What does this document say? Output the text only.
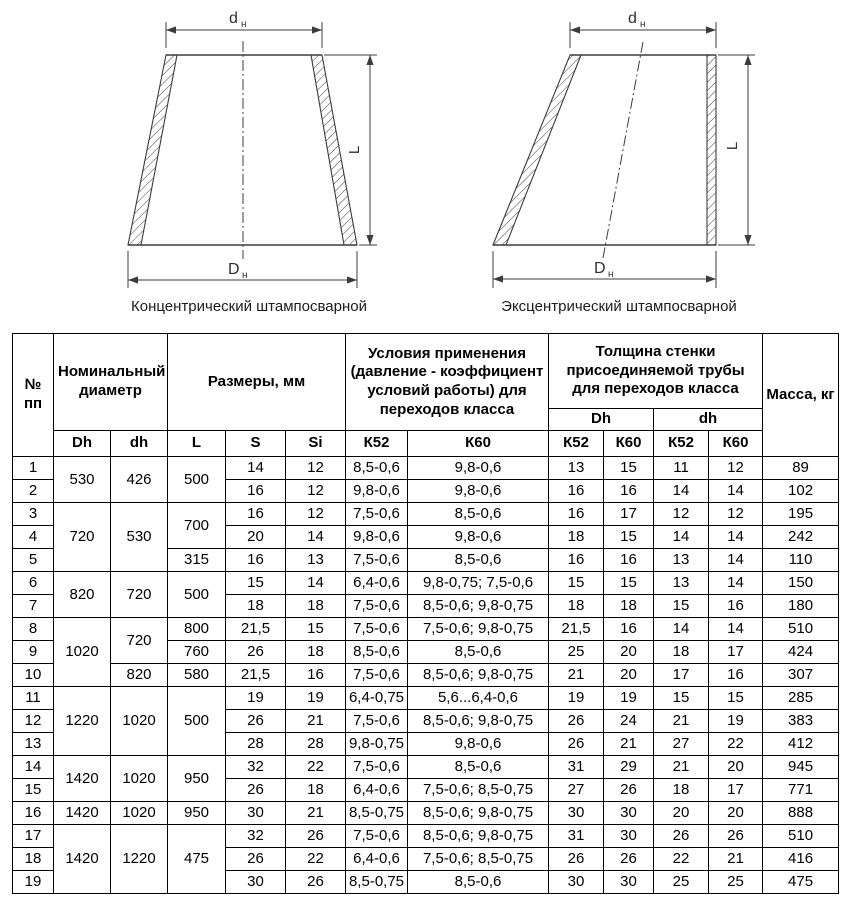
d н
D н
L
Концентрический штампосварной
d н
D н
L
Эксцентрический штампосварной
№
пп	Номинальный диаметр		Размеры, мм			Условия применения (давление - коэффициент условий работы) для переходов класса		Толщина стенки присоединяемой трубы для переходов класса				Масса, кг
								Dh		dh		
	Dh	dh	L	S	Si	К52	К60	К52	К60	К52	К60	
1	530	426	500	14	12	8,5-0,6	9,8-0,6	13	15	11	12	89
2				16	12	9,8-0,6	9,8-0,6	16	16	14	14	102
3	720	530	700	16	12	7,5-0,6	8,5-0,6	16	17	12	12	195
4				20	14	9,8-0,6	9,8-0,6	18	15	14	14	242
5			315	16	13	7,5-0,6	8,5-0,6	16	16	13	14	110
6	820	720	500	15	14	6,4-0,6	9,8-0,75; 7,5-0,6	15	15	13	14	150
7				18	18	7,5-0,6	8,5-0,6; 9,8-0,75	18	18	15	16	180
8	1020	720	800	21,5	15	7,5-0,6	7,5-0,6; 9,8-0,75	21,5	16	14	14	510
9			760	26	18	8,5-0,6	8,5-0,6	25	20	18	17	424
10		820	580	21,5	16	7,5-0,6	8,5-0,6; 9,8-0,75	21	20	17	16	307
11	1220	1020	500	19	19	6,4-0,75	5,6...6,4-0,6	19	19	15	15	285
12				26	21	7,5-0,6	8,5-0,6; 9,8-0,75	26	24	21	19	383
13				28	28	9,8-0,75	9,8-0,6	26	21	27	22	412
14	1420	1020	950	32	22	7,5-0,6	8,5-0,6	31	29	21	20	945
15				26	18	6,4-0,6	7,5-0,6; 8,5-0,75	27	26	18	17	771
16	1420	1020	950	30	21	8,5-0,75	8,5-0,6; 9,8-0,75	30	30	20	20	888
17	1420	1220	475	32	26	7,5-0,6	8,5-0,6; 9,8-0,75	31	30	26	26	510
18				26	22	6,4-0,6	7,5-0,6; 8,5-0,75	26	26	22	21	416
19				30	26	8,5-0,75	8,5-0,6	30	30	25	25	475
